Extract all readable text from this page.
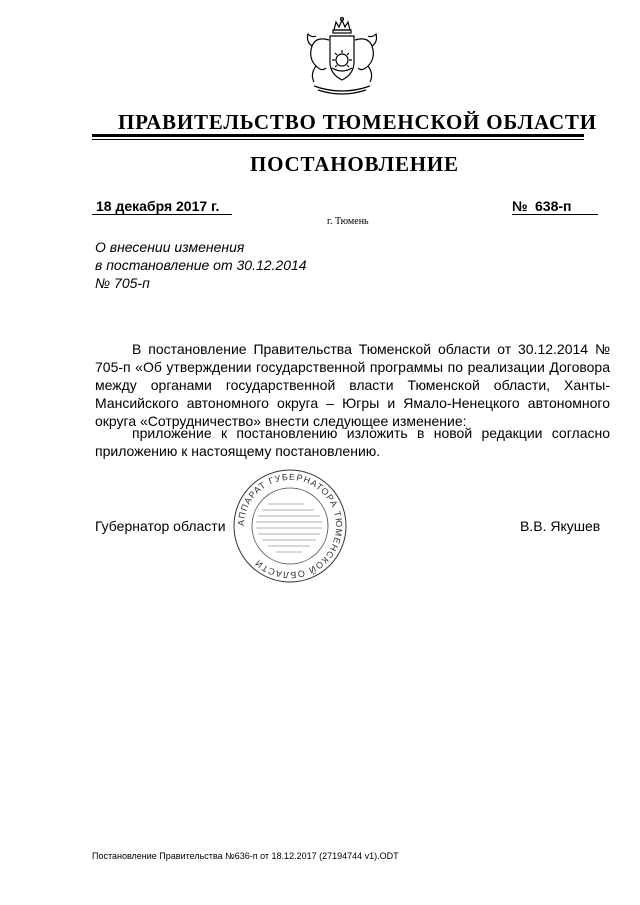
ПРАВИТЕЛЬСТВО ТЮМЕНСКОЙ ОБЛАСТИ
ПОСТАНОВЛЕНИЕ
18 декабря 2017 г.	№ 638-п
г. Тюмень
О внесении изменения
в постановление от 30.12.2014
№ 705-п
В постановление Правительства Тюменской области от 30.12.2014 № 705-п «Об утверждении государственной программы по реализации Договора между органами государственной власти Тюменской области, Ханты-Мансийского автономного округа – Югры и Ямало-Ненецкого автономного округа «Сотрудничество» внести следующее изменение:
приложение к постановлению изложить в новой редакции согласно приложению к настоящему постановлению.
АППАРАТ ГУБЕРНАТОРА ТЮМЕНСКОЙ ОБЛАСТИ
Губернатор области	В.В. Якушев
Постановление Правительства №636-п от 18.12.2017 (27194744 v1).ODT
